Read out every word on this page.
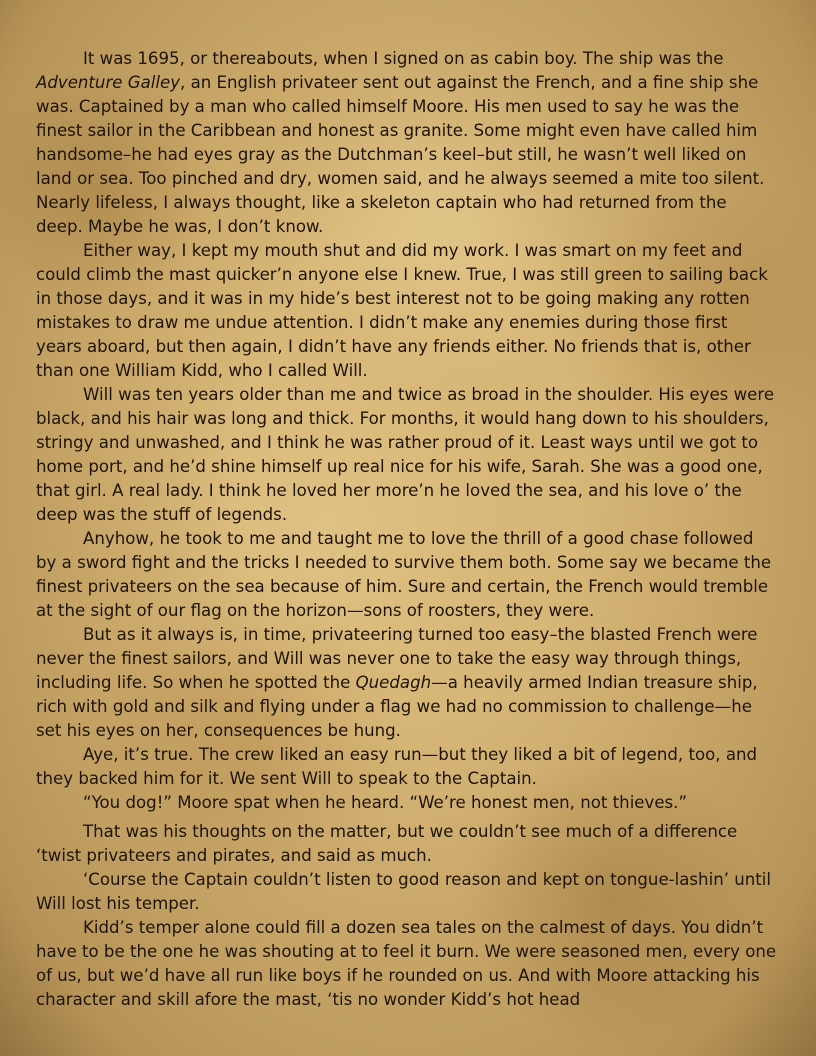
It was 1695, or thereabouts, when I signed on as cabin boy. The ship was the Adventure Galley, an English privateer sent out against the French, and a fine ship she was. Captained by a man who called himself Moore. His men used to say he was the finest sailor in the Caribbean and honest as granite. Some might even have called him handsome–he had eyes gray as the Dutchman’s keel–but still, he wasn’t well liked on land or sea. Too pinched and dry, women said, and he always seemed a mite too silent. Nearly lifeless, I always thought, like a skeleton captain who had returned from the deep. Maybe he was, I don’t know.

Either way, I kept my mouth shut and did my work. I was smart on my feet and could climb the mast quicker’n anyone else I knew. True, I was still green to sailing back in those days, and it was in my hide’s best interest not to be going making any rotten mistakes to draw me undue attention. I didn’t make any enemies during those first years aboard, but then again, I didn’t have any friends either. No friends that is, other than one William Kidd, who I called Will.

Will was ten years older than me and twice as broad in the shoulder. His eyes were black, and his hair was long and thick. For months, it would hang down to his shoulders, stringy and unwashed, and I think he was rather proud of it. Least ways until we got to home port, and he’d shine himself up real nice for his wife, Sarah. She was a good one, that girl. A real lady. I think he loved her more’n he loved the sea, and his love o’ the deep was the stuff of legends.

Anyhow, he took to me and taught me to love the thrill of a good chase followed by a sword fight and the tricks I needed to survive them both. Some say we became the finest privateers on the sea because of him. Sure and certain, the French would tremble at the sight of our flag on the horizon—sons of roosters, they were.

But as it always is, in time, privateering turned too easy–the blasted French were never the finest sailors, and Will was never one to take the easy way through things, including life. So when he spotted the Quedagh—a heavily armed Indian treasure ship, rich with gold and silk and flying under a flag we had no commission to challenge—he set his eyes on her, consequences be hung.

Aye, it’s true. The crew liked an easy run—but they liked a bit of legend, too, and they backed him for it. We sent Will to speak to the Captain.

“You dog!” Moore spat when he heard. “We’re honest men, not thieves.”

That was his thoughts on the matter, but we couldn’t see much of a difference ‘twist privateers and pirates, and said as much.

‘Course the Captain couldn’t listen to good reason and kept on tongue-lashin’ until Will lost his temper.

Kidd’s temper alone could fill a dozen sea tales on the calmest of days. You didn’t have to be the one he was shouting at to feel it burn. We were seasoned men, every one of us, but we’d have all run like boys if he rounded on us. And with Moore attacking his character and skill afore the mast, ‘tis no wonder Kidd’s hot head
